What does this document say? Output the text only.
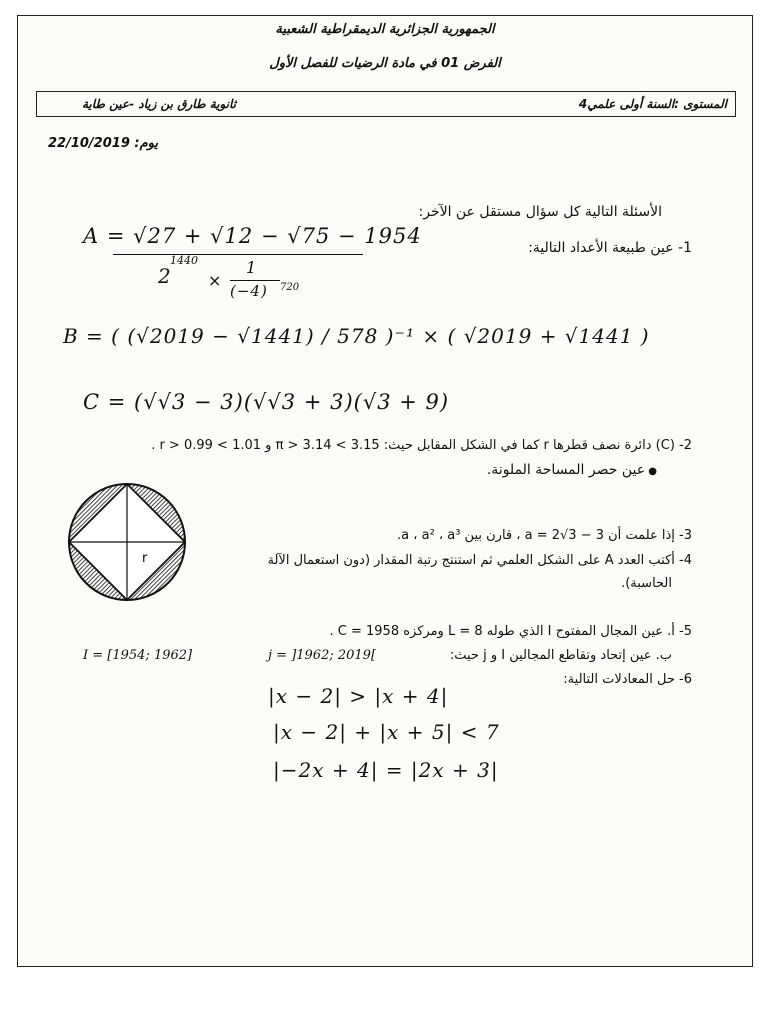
الجمهورية الجزائرية الديمقراطية الشعبية
الفرض 01 في مادة الرضيات للفصل الأول
المستوى :السنة أولى علمي4
ثانوية طارق بن زياد -عين طاية
يوم: 22/10/2019
الأسئلة التالية كل سؤال مستقل عن الآخر:
1- عين طبيعة الأعداد التالية:
A = √27 + √12 − √75 − 1954
2
1440
×
1
(−4) 720
B = ( (√2019 − √1441) / 578 )⁻¹ × ( √2019 + √1441 )
C = (√√3 − 3)(√√3 + 3)(√3 + 9)
2- (C) دائرة نصف قطرها r كما في الشكل المقابل حيث: 3.15 > π > 3.14 و 1.01 > r > 0.99 .
● عين حصر المساحة الملونة.
r
3- إذا علمت أن a = 2√3 − 3 ، قارن بين a ، a² ، a³.
4- أكتب العدد A على الشكل العلمي ثم استنتج رتبة المقدار (دون استعمال الآلة
الحاسبة).
5- أ. عين المجال المفتوح I الذي طوله L = 8 ومركزه C = 1958 .
ب. عين إتحاد وتقاطع المجالين I و j حيث:
j = ]1962; 2019[
I = [1954; 1962]
6- حل المعادلات التالية:
|x − 2| > |x + 4|
|x − 2| + |x + 5| < 7
|−2x + 4| = |2x + 3|
